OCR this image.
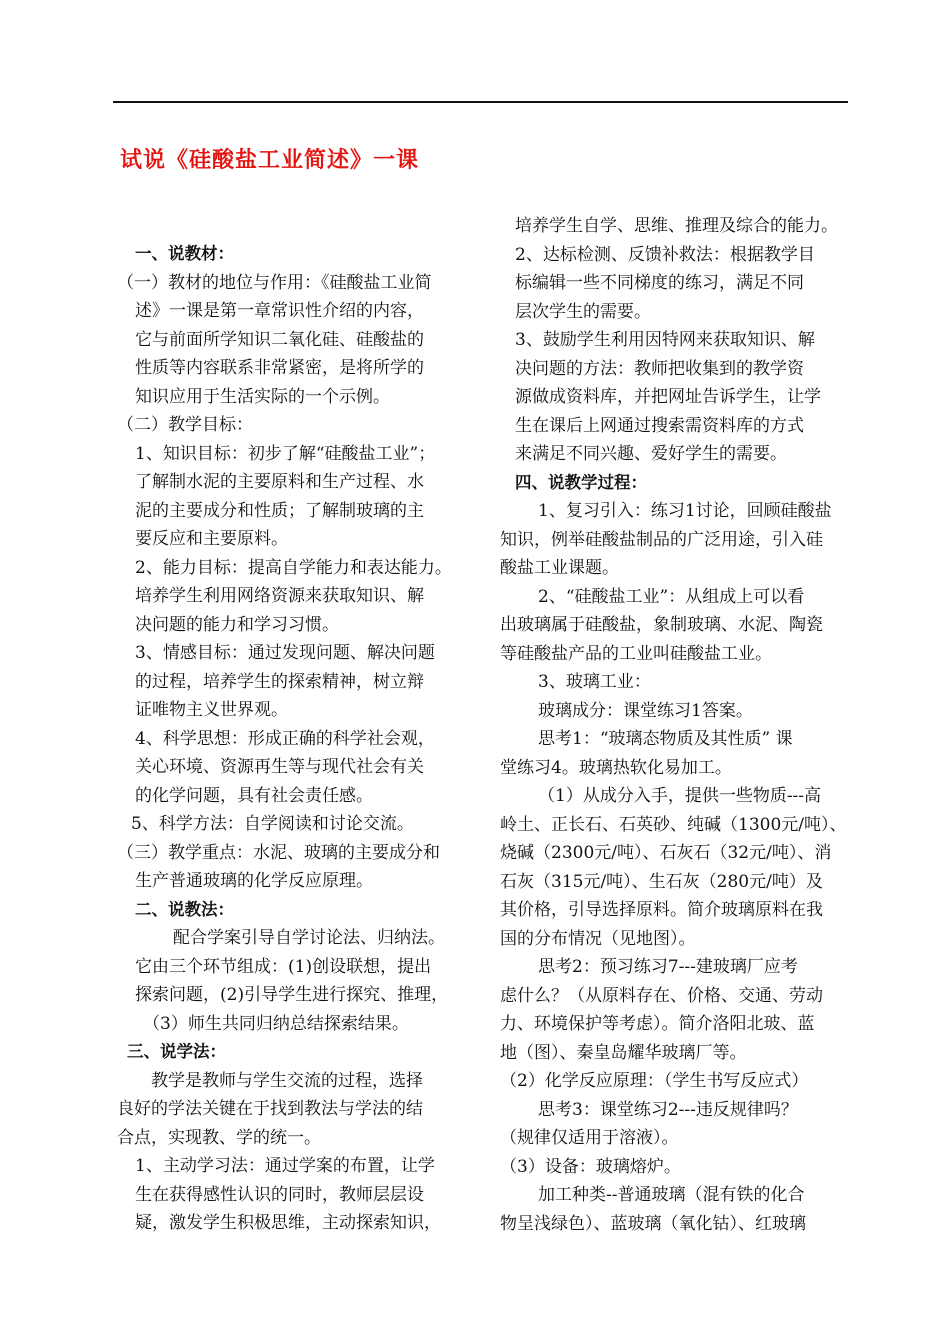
试说《硅酸盐工业简述》一课

一、说教材：

（一）教材的地位与作用：《硅酸盐工业简

述》一课是第一章常识性介绍的内容，

它与前面所学知识二氧化硅、硅酸盐的

性质等内容联系非常紧密，是将所学的

知识应用于生活实际的一个示例。

（二）教学目标：

1、知识目标：初步了解“硅酸盐工业”；

了解制水泥的主要原料和生产过程、水

泥的主要成分和性质；了解制玻璃的主

要反应和主要原料。

2、能力目标：提高自学能力和表达能力。

培养学生利用网络资源来获取知识、解

决问题的能力和学习习惯。

3、情感目标：通过发现问题、解决问题

的过程，培养学生的探索精神，树立辩

证唯物主义世界观。

4、科学思想：形成正确的科学社会观，

关心环境、资源再生等与现代社会有关

的化学问题，具有社会责任感。

5、科学方法：自学阅读和讨论交流。

（三）教学重点：水泥、玻璃的主要成分和

生产普通玻璃的化学反应原理。

二、说教法：

配合学案引导自学讨论法、归纳法。

它由三个环节组成：(1)创设联想，提出

探索问题，(2)引导学生进行探究、推理，

（3）师生共同归纳总结探索结果。

三、说学法：

教学是教师与学生交流的过程，选择

良好的学法关键在于找到教法与学法的结

合点，实现教、学的统一。

1、主动学习法：通过学案的布置，让学

生在获得感性认识的同时，教师层层设

疑，激发学生积极思维，主动探索知识，

培养学生自学、思维、推理及综合的能力。

2、达标检测、反馈补救法：根据教学目

标编辑一些不同梯度的练习，满足不同

层次学生的需要。

3、鼓励学生利用因特网来获取知识、解

决问题的方法：教师把收集到的教学资

源做成资料库，并把网址告诉学生，让学

生在课后上网通过搜索需资料库的方式

来满足不同兴趣、爱好学生的需要。

四、说教学过程：

1、复习引入：练习1讨论，回顾硅酸盐

知识，例举硅酸盐制品的广泛用途，引入硅

酸盐工业课题。

2、“硅酸盐工业”：从组成上可以看

出玻璃属于硅酸盐，象制玻璃、水泥、陶瓷

等硅酸盐产品的工业叫硅酸盐工业。

3、玻璃工业：

玻璃成分：课堂练习1答案。

思考1：“玻璃态物质及其性质” 课

堂练习4。玻璃热软化易加工。

（1）从成分入手，提供一些物质---高

岭土、正长石、石英砂、纯碱（1300元/吨）、

烧碱（2300元/吨）、石灰石（32元/吨）、消

石灰（315元/吨）、生石灰（280元/吨）及

其价格，引导选择原料。简介玻璃原料在我

国的分布情况（见地图）。

思考2：预习练习7---建玻璃厂应考

虑什么？（从原料存在、价格、交通、劳动

力、环境保护等考虑）。简介洛阳北玻、蓝

地（图）、秦皇岛耀华玻璃厂等。

（2）化学反应原理：（学生书写反应式）

思考3：课堂练习2---违反规律吗？

（规律仅适用于溶液）。

（3）设备：玻璃熔炉。

加工种类--普通玻璃（混有铁的化合

物呈浅绿色）、蓝玻璃（氧化钴）、红玻璃
